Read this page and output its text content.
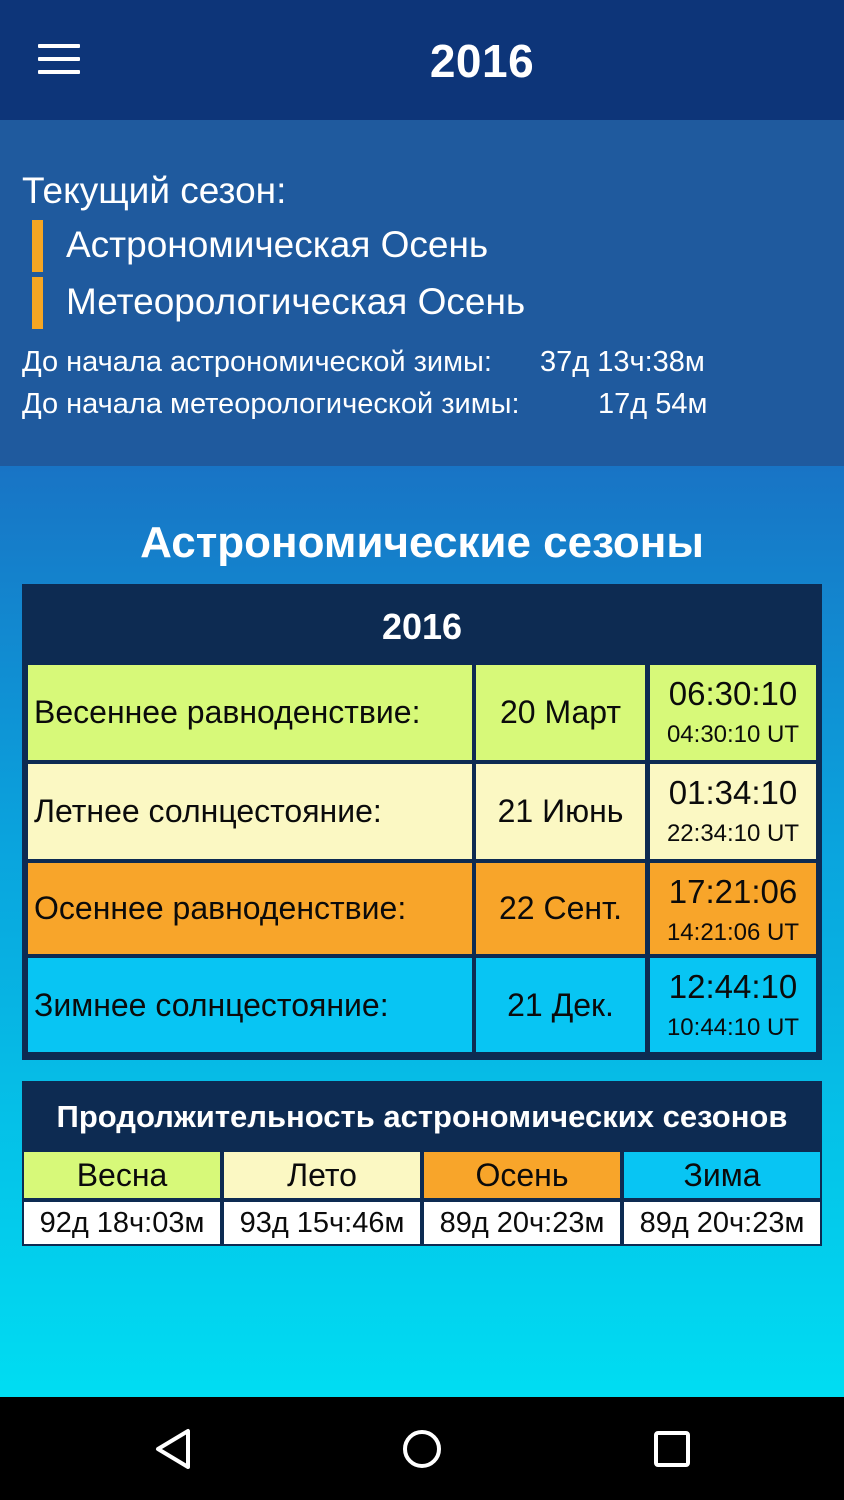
2016
Текущий сезон:
Астрономическая Осень
Метеорологическая Осень
До начала астрономической зимы: 37д 13ч:38м
До начала метеорологической зимы:	17д 54м
Астрономические сезоны
2016
Весеннее равноденствие:	20 Март	06:30:10
04:30:10 UT
Летнее солнцестояние:	21 Июнь	01:34:10
22:34:10 UT
Осеннее равноденствие:	22 Сент.	17:21:06
14:21:06 UT
Зимнее солнцестояние:	21 Дек.	12:44:10
10:44:10 UT
Продолжительность астрономических сезонов
Весна	Лето	Осень	Зима
92д 18ч:03м	93д 15ч:46м	89д 20ч:23м	89д 20ч:23м
